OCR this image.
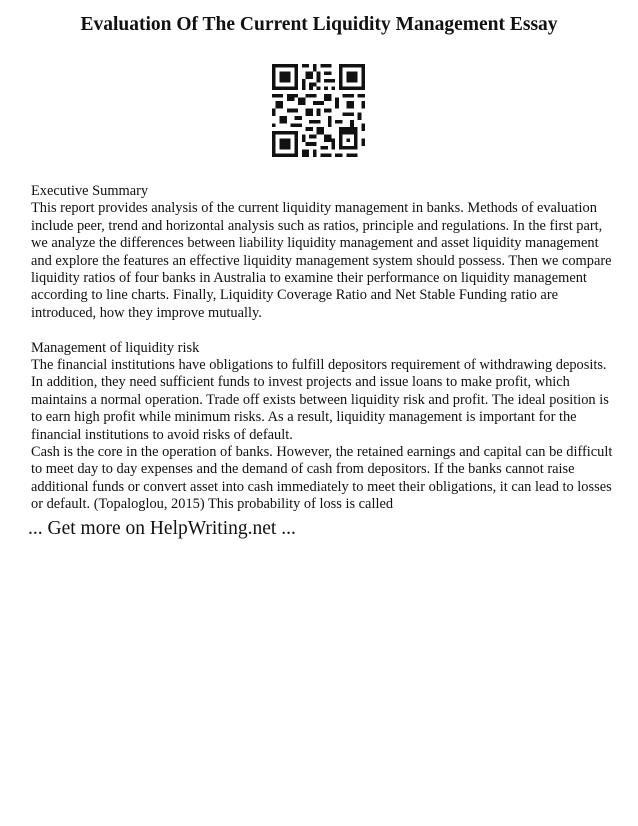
Evaluation Of The Current Liquidity Management Essay

Executive Summary

This report provides analysis of the current liquidity management in banks. Methods of evaluation include peer, trend and horizontal analysis such as ratios, principle and regulations. In the first part, we analyze the differences between liability liquidity management and asset liquidity management and explore the features an effective liquidity management system should possess. Then we compare liquidity ratios of four banks in Australia to examine their performance on liquidity management according to line charts. Finally, Liquidity Coverage Ratio and Net Stable Funding ratio are introduced, how they improve mutually.

Management of liquidity risk

The financial institutions have obligations to fulfill depositors requirement of withdrawing deposits. In addition, they need sufficient funds to invest projects and issue loans to make profit, which maintains a normal operation. Trade off exists between liquidity risk and profit. The ideal position is to earn high profit while minimum risks. As a result, liquidity management is important for the financial institutions to avoid risks of default.

Cash is the core in the operation of banks. However, the retained earnings and capital can be difficult to meet day to day expenses and the demand of cash from depositors. If the banks cannot raise additional funds or convert asset into cash immediately to meet their obligations, it can lead to losses or default. (Topaloglou, 2015) This probability of loss is called

... Get more on HelpWriting.net ...
